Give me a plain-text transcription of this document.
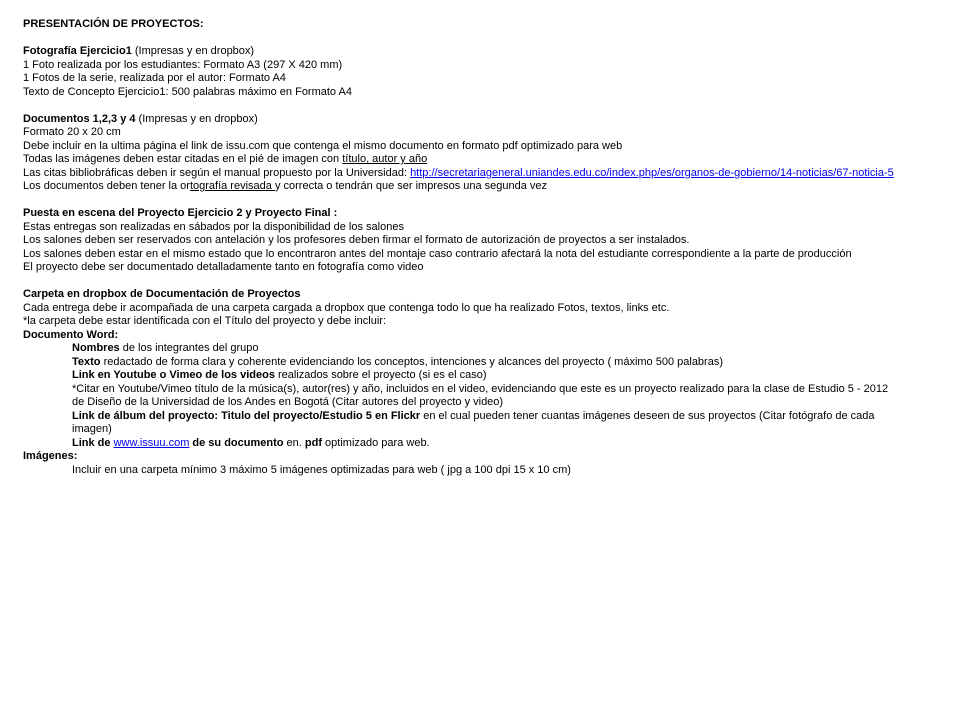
PRESENTACIÓN DE PROYECTOS:
Fotografía Ejercicio1 (Impresas y en dropbox)
1 Foto realizada por los estudiantes: Formato A3 (297 X 420 mm)
1 Fotos de la serie, realizada por el autor: Formato A4
Texto de Concepto Ejercicio1: 500 palabras máximo en Formato A4
Documentos 1,2,3 y 4 (Impresas y en dropbox)
Formato 20 x 20 cm
Debe incluir en la ultima página el link de issu.com que contenga el mismo documento en formato pdf optimizado para web
Todas las imágenes deben estar citadas en el pié de imagen con título, autor y año
Las citas bibliobráficas deben ir según el manual propuesto por la Universidad: http://secretariageneral.uniandes.edu.co/index.php/es/organos-de-gobierno/14-noticias/67-noticia-5
Los documentos deben tener la ortografía revisada y correcta o tendrán que ser impresos una segunda vez
Puesta en escena del Proyecto Ejercicio 2 y Proyecto Final :
Estas entregas son realizadas en sábados por la disponibilidad de los salones
Los salones deben ser reservados con antelación y los profesores deben firmar el formato de autorización de proyectos a ser instalados.
Los salones deben estar en el mismo estado que lo encontraron antes del montaje caso contrario afectará la nota del estudiante correspondiente a la parte de producción
El proyecto debe ser documentado detalladamente tanto en fotografía como video
Carpeta en dropbox de Documentación de Proyectos
Cada entrega debe ir acompañada de una carpeta cargada a dropbox que contenga todo lo que ha realizado Fotos, textos, links etc.
*la carpeta debe estar identificada con el Título del proyecto y debe incluir:
Documento Word:
Nombres de los integrantes del grupo
Texto redactado de forma clara y coherente evidenciando los conceptos, intenciones y alcances del proyecto ( máximo 500 palabras)
Link en Youtube o Vimeo de los videos realizados sobre el proyecto (si es el caso)
*Citar en Youtube/Vimeo título de la música(s), autor(res) y año, incluidos en el video, evidenciando que este es un proyecto realizado para la clase de Estudio 5 - 2012 de Diseño de la Universidad de los Andes en Bogotá (Citar autores del proyecto y video)
Link de álbum del proyecto: Titulo del proyecto/Estudio 5 en Flickr en el cual pueden tener cuantas imágenes deseen de sus proyectos (Citar fotógrafo de cada imagen)
Link de www.issuu.com de su documento en. pdf optimizado para web.
Imágenes:
Incluir en una carpeta mínimo 3 máximo 5 imágenes optimizadas para web ( jpg a 100 dpi 15 x 10 cm)
